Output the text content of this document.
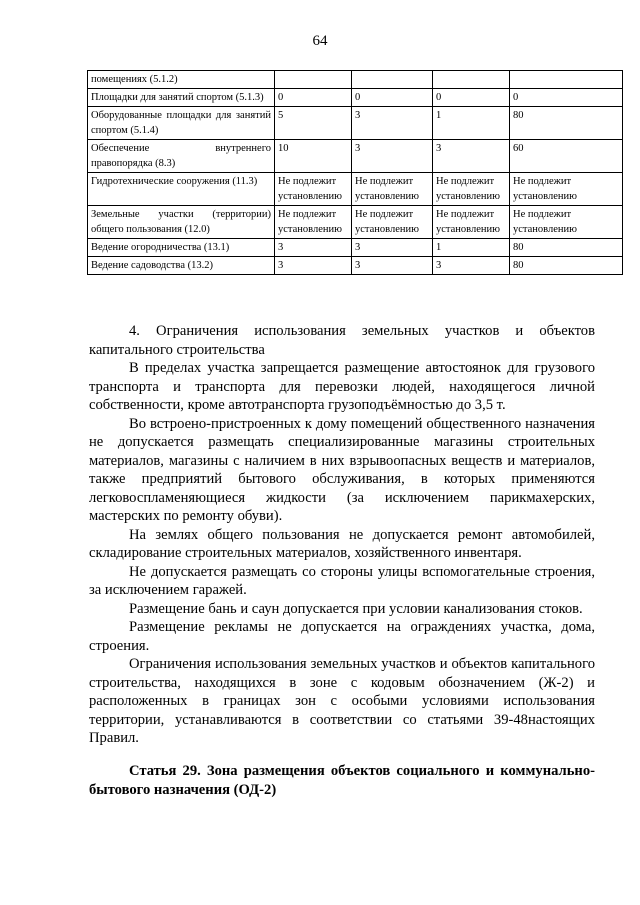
64
помещениях (5.1.2)				
Площадки для занятий спортом (5.1.3)	0	0	0	0
Оборудованные площадки для занятий спортом (5.1.4)	5	3	1	80
Обеспечение внутреннего правопорядка (8.3)	10	3	3	60
Гидротехнические сооружения (11.3)	Не подлежит установлению	Не подлежит установлению	Не подлежит установлению	Не подлежит установлению
Земельные участки (территории) общего пользования (12.0)	Не подлежит установлению	Не подлежит установлению	Не подлежит установлению	Не подлежит установлению
Ведение огородничества (13.1)	3	3	1	80
Ведение садоводства (13.2)	3	3	3	80

4. Ограничения использования земельных участков и объектов капитального строительства

В пределах участка запрещается размещение автостоянок для грузового транспорта и транспорта для перевозки людей, находящегося личной собственности, кроме автотранспорта грузоподъёмностью до 3,5 т.

Во встроено-пристроенных к дому помещений общественного назначения не допускается размещать специализированные магазины строительных материалов, магазины с наличием в них взрывоопасных веществ и материалов, также предприятий бытового обслуживания, в которых применяются легковоспламеняющиеся жидкости (за исключением парикмахерских, мастерских по ремонту обуви).

На землях общего пользования не допускается ремонт автомобилей, складирование строительных материалов, хозяйственного инвентаря.

Не допускается размещать со стороны улицы вспомогательные строения, за исключением гаражей.

Размещение бань и саун допускается при условии канализования стоков.

Размещение рекламы не допускается на ограждениях участка, дома, строения.

Ограничения использования земельных участков и объектов капитального строительства, находящихся в зоне с кодовым обозначением (Ж-2) и расположенных в границах зон с особыми условиями использования территории, устанавливаются в соответствии со статьями 39-48настоящих Правил.

Статья 29. Зона размещения объектов социального и коммунально-бытового назначения (ОД-2)
